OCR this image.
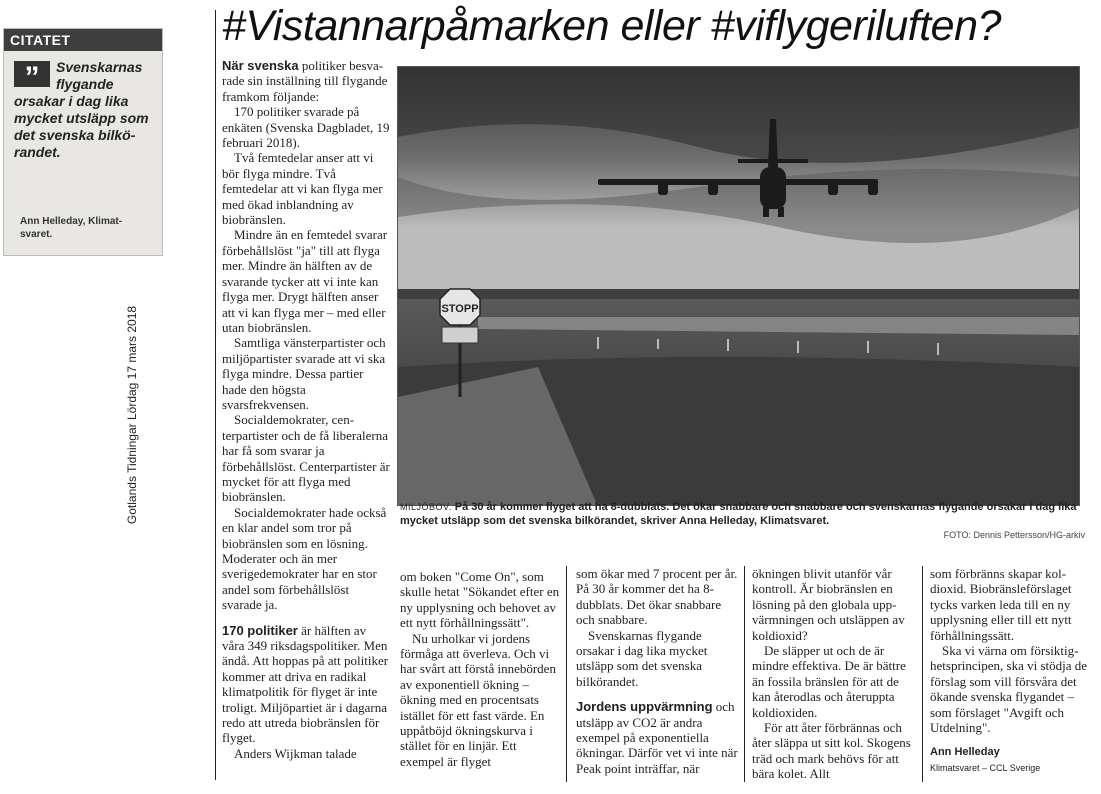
CITATET
”	Svenskarnas flygande orsakar i dag lika mycket utsläpp som det svenska bilkörandet.
Ann Helleday, Klimatsvaret.
Gotlands Tidningar Lördag 17 mars 2018
#Vistannarpåmarken eller #viflygeriluften?

När svenska politiker besvarade sin inställning till flygande framkom följande:

170 politiker svarade på enkäten (Svenska Dagbladet, 19 februari 2018).

Två femtedelar anser att vi bör flyga mindre. Två femtedelar att vi kan flyga mer med ökad inblandning av biobränslen.

Mindre än en femtedel svarar förbehållslöst "ja" till att flyga mer. Mindre än hälften av de svarande tycker att vi inte kan flyga mer. Drygt hälften anser att vi kan flyga mer – med eller utan biobränslen.

Samtliga vänsterpartister och miljöpartister svarade att vi ska flyga mindre. Dessa partier hade den högsta svarsfrekvensen.

Socialdemokrater, centerpartister och de få liberalerna har få som svarar ja förbehållslöst. Centerpartister är mycket för att flyga med biobränslen.

Socialdemokrater hade också en klar andel som tror på biobränslen som en lösning. Moderater och än mer sverigedemokrater har en stor andel som förbehållslöst svarade ja.

170 politiker är hälften av våra 349 riksdagspolitiker. Men ändå. Att hoppas på att politiker kommer att driva en radikal klimatpolitik för flyget är inte troligt. Miljöpartiet är i dagarna redo att utreda biobränslen för flyget.

Anders Wijkman talade

STOPP
MILJÖBOV. På 30 år kommer flyget att ha 8-dubblats. Det ökar snabbare och snabbare och svenskarnas flygande orsakar i dag lika mycket utsläpp som det svenska bilkörandet, skriver Anna Helleday, Klimatsvaret.
FOTO: Dennis Pettersson/HG-arkiv

om boken "Come On", som skulle hetat "Sökandet efter en ny upplysning och behovet av ett nytt förhållningssätt".

Nu urholkar vi jordens förmåga att överleva. Och vi har svårt att förstå innebörden av exponentiell ökning – ökning med en procentsats istället för ett fast värde. En uppåtböjd ökningskurva i stället för en linjär. Ett exempel är flyget

som ökar med 7 procent per år. På 30 år kommer det ha 8-dubblats. Det ökar snabbare och snabbare.

Svenskarnas flygande orsakar i dag lika mycket utsläpp som det svenska bilkörandet.

Jordens uppvärmning och utsläpp av CO2 är andra exempel på exponentiella ökningar. Därför vet vi inte när Peak point inträffar, när

ökningen blivit utanför vår kontroll. Är biobränslen en lösning på den globala uppvärmningen och utsläppen av koldioxid?

De släpper ut och de är mindre effektiva. De är bättre än fossila bränslen för att de kan återodlas och återuppta koldioxiden.

För att åter förbrännas och åter släppa ut sitt kol. Skogens träd och mark behövs för att bära kolet. Allt

som förbränns skapar koldioxid. Biobränsleförslaget tycks varken leda till en ny upplysning eller till ett nytt förhållningssätt.

Ska vi värna om försiktighetsprincipen, ska vi stödja de förslag som vill försvåra det ökande svenska flygandet – som förslaget "Avgift och Utdelning".

Ann Helleday
Klimatsvaret – CCL Sverige
